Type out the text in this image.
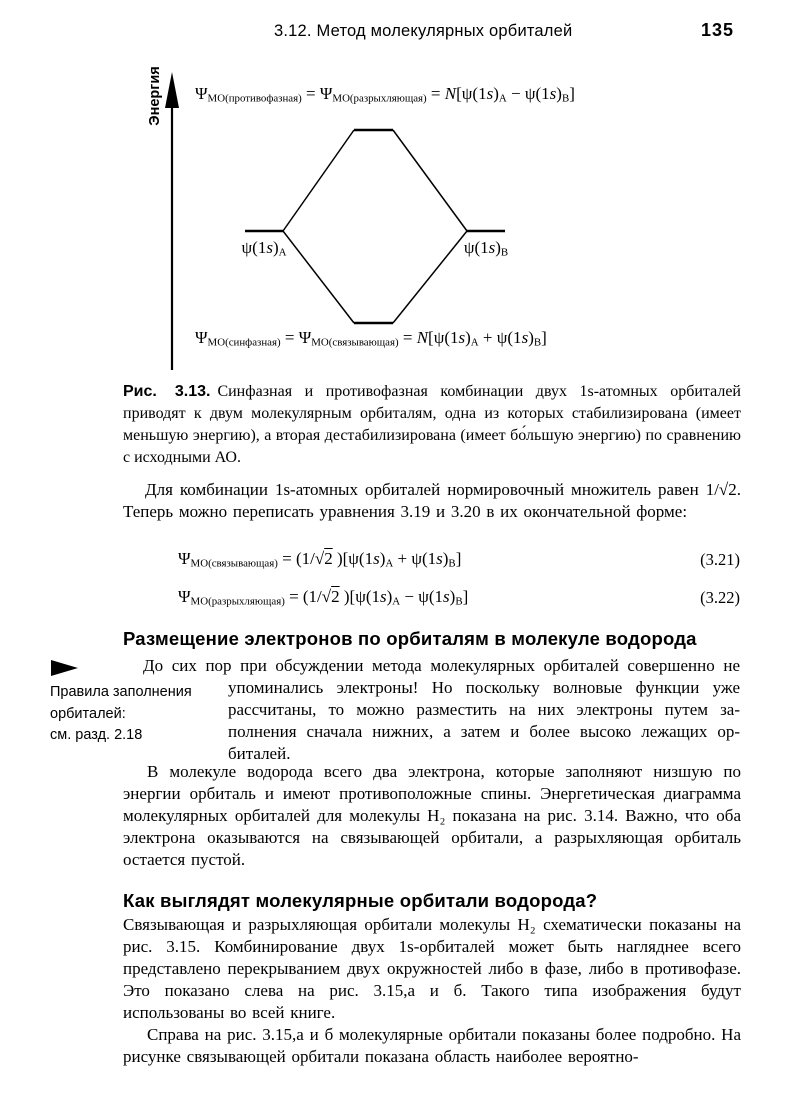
3.12. Метод молекулярных орбиталей	135
Энергия $\Psi_{МО(противофазная)} = \Psi_{МО(разрыхляющая)} = N[\psi(1s)_A - \psi(1s)_B]$
$\psi(1s)_A$	$\psi(1s)_B$
$\Psi_{МО(синфазная)} = \Psi_{МО(связывающая)} = N[\psi(1s)_A + \psi(1s)_B]$
Рис. 3.13. Синфазная и противофазная комбинации двух 1s-атомных орбиталей приводят к двум молекулярным орбиталям, одна из которых стабилизирована (имеет меньшую энергию), а вторая дестабилизирована (имеет бо́льшую энергию) по сравнению с исходными АО.

Для комбинации 1s-атомных орбиталей нормировочный множитель равен 1/√2. Теперь можно переписать уравнения 3.19 и 3.20 в их окончательной форме:

$\Psi_{МО(связывающая)} = (1/√2$ )$[\psi(1s)_A + \psi(1s)_B]$	(3.21)
$\Psi_{МО(разрыхляющая)} = (1/√2$ )$[\psi(1s)_A - \psi(1s)_B]$	(3.22)
Размещение электронов по орбиталям в молекуле водорода
Правила заполнения
орбиталей:
см. разд. 2.18

До сих пор при обсуждении метода молекулярных орбиталей совершенно не упоминались электроны! Но поскольку волновые функции уже рассчитаны, то можно разместить на них электроны путем заполнения сначала нижних, а затем и более высоко лежащих орбиталей.

В молекуле водорода всего два электрона, которые заполняют низшую по энергии орбиталь и имеют противоположные спины. Энергетическая диаграмма молекулярных орбиталей для молекулы Н₂ показана на рис. 3.14. Важно, что оба электрона оказываются на связывающей орбитали, а разрыхляющая орбиталь остается пустой.

Как выглядят молекулярные орбитали водорода?

Связывающая и разрыхляющая орбитали молекулы Н₂ схематически показаны на рис. 3.15. Комбинирование двух 1s-орбиталей может быть нагляднее всего представлено перекрыванием двух окружностей либо в фазе, либо в противофазе. Это показано слева на рис. 3.15,а и б. Такого типа изображения будут использованы во всей книге.

Справа на рис. 3.15,а и б молекулярные орбитали показаны более подробно. На рисунке связывающей орбитали показана область наиболее вероятно-
